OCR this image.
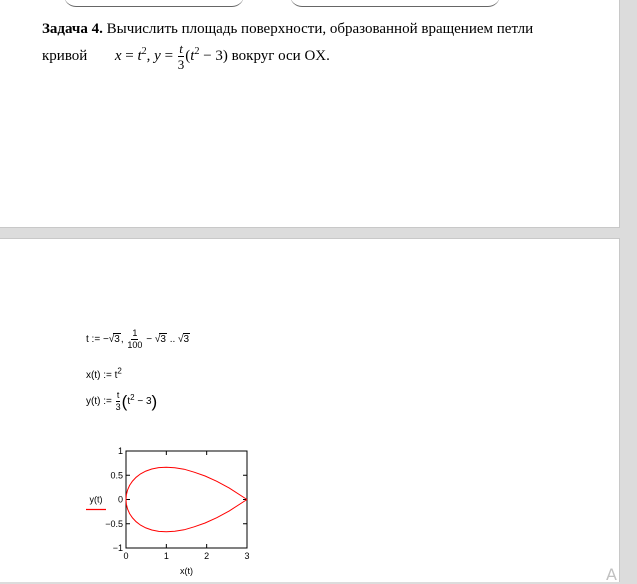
Задача 4. Вычислить площадь поверхности, образованной вращением петли
кривой $x = t^2$, $y = \frac{t}{3} (t^2 - 3)$ вокруг оси OX.
t := −√3, $\frac{1}{100} - √3$ .. √3
x(t) := $t^2$
y(t) := $\frac{t}{3} (t^2 - 3)$
A
1
0.5
0
−0.5
−1
0	1	2	3
x(t)
y(t)
